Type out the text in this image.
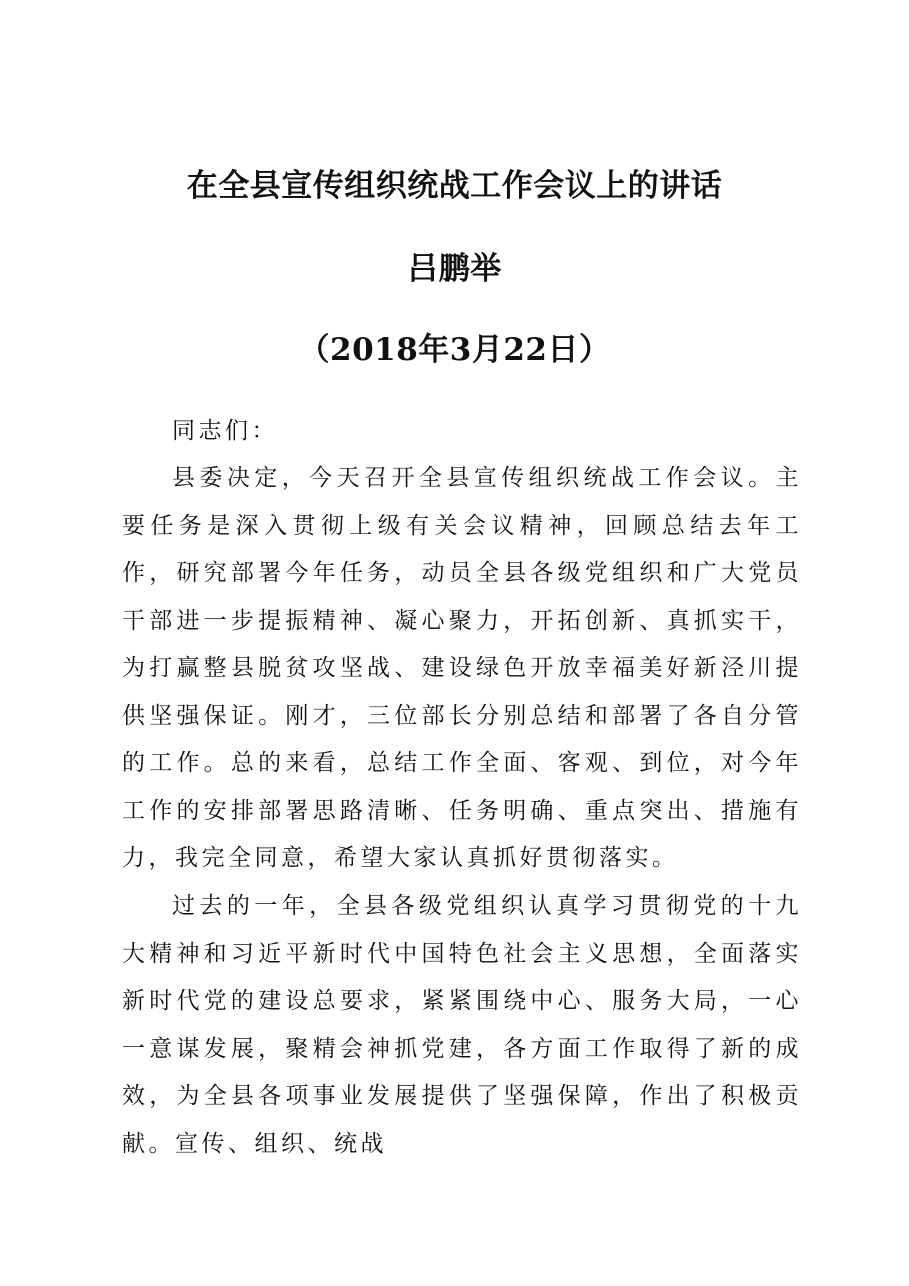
在全县宣传组织统战工作会议上的讲话
吕鹏举
（2018年3月22日）

同志们：

县委决定，今天召开全县宣传组织统战工作会议。主要任务是深入贯彻上级有关会议精神，回顾总结去年工作，研究部署今年任务，动员全县各级党组织和广大党员干部进一步提振精神、凝心聚力，开拓创新、真抓实干，为打赢整县脱贫攻坚战、建设绿色开放幸福美好新泾川提供坚强保证。刚才，三位部长分别总结和部署了各自分管的工作。总的来看，总结工作全面、客观、到位，对今年工作的安排部署思路清晰、任务明确、重点突出、措施有力，我完全同意，希望大家认真抓好贯彻落实。

过去的一年，全县各级党组织认真学习贯彻党的十九大精神和习近平新时代中国特色社会主义思想，全面落实新时代党的建设总要求，紧紧围绕中心、服务大局，一心一意谋发展，聚精会神抓党建，各方面工作取得了新的成效，为全县各项事业发展提供了坚强保障，作出了积极贡献。宣传、组织、统战
